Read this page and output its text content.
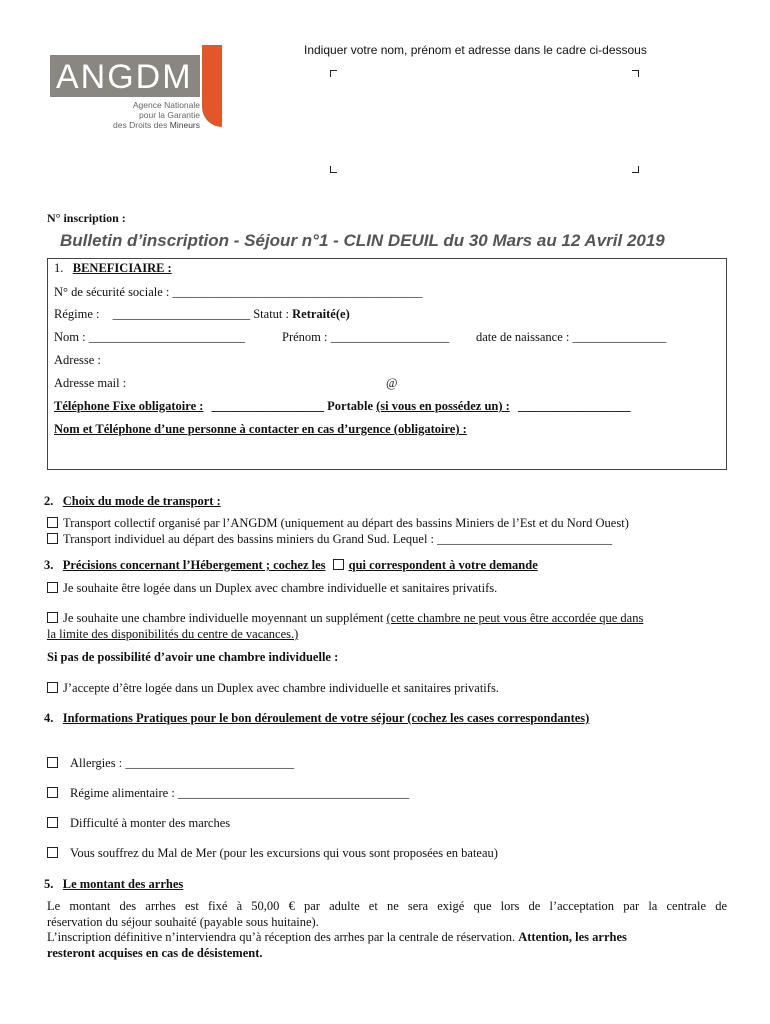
ANGDM
Agence Nationale
pour la Garantie
des Droits des Mineurs
Indiquer votre nom, prénom et adresse dans le cadre ci-dessous
N° inscription :
Bulletin d’inscription - Séjour n°1 - CLIN DEUIL du 30 Mars au 12 Avril 2019
1. BENEFICIAIRE :
N° de sécurité sociale : ________________________________________
Régime : ______________________ Statut : Retraité(e)
Nom : _________________________	Prénom : ___________________ date de naissance : _______________
Adresse :
Adresse mail :	@
Téléphone Fixe obligatoire : __________________ Portable (si vous en possédez un) : __________________
Nom et Téléphone d’une personne à contacter en cas d’urgence (obligatoire) :
2. Choix du mode de transport :
Transport collectif organisé par l’ANGDM (uniquement au départ des bassins Miniers de l’Est et du Nord Ouest)
Transport individuel au départ des bassins miniers du Grand Sud. Lequel : ____________________________
3. Précisions concernant l’Hébergement ; cochez les qui correspondent à votre demande
Je souhaite être logée dans un Duplex avec chambre individuelle et sanitaires privatifs.
Je souhaite une chambre individuelle moyennant un supplément (cette chambre ne peut vous être accordée que dans
la limite des disponibilités du centre de vacances.)
Si pas de possibilité d’avoir une chambre individuelle :
J’accepte d’être logée dans un Duplex avec chambre individuelle et sanitaires privatifs.
4. Informations Pratiques pour le bon déroulement de votre séjour (cochez les cases correspondantes)
Allergies : ___________________________
Régime alimentaire : _____________________________________
Difficulté à monter des marches
Vous souffrez du Mal de Mer (pour les excursions qui vous sont proposées en bateau)
5. Le montant des arrhes
Le montant des arrhes est fixé à 50,00 € par adulte et ne sera exigé que lors de l’acceptation par la centrale de
réservation du séjour souhaité (payable sous huitaine).
L’inscription définitive n’interviendra qu’à réception des arrhes par la centrale de réservation. Attention, les arrhes
resteront acquises en cas de désistement.
